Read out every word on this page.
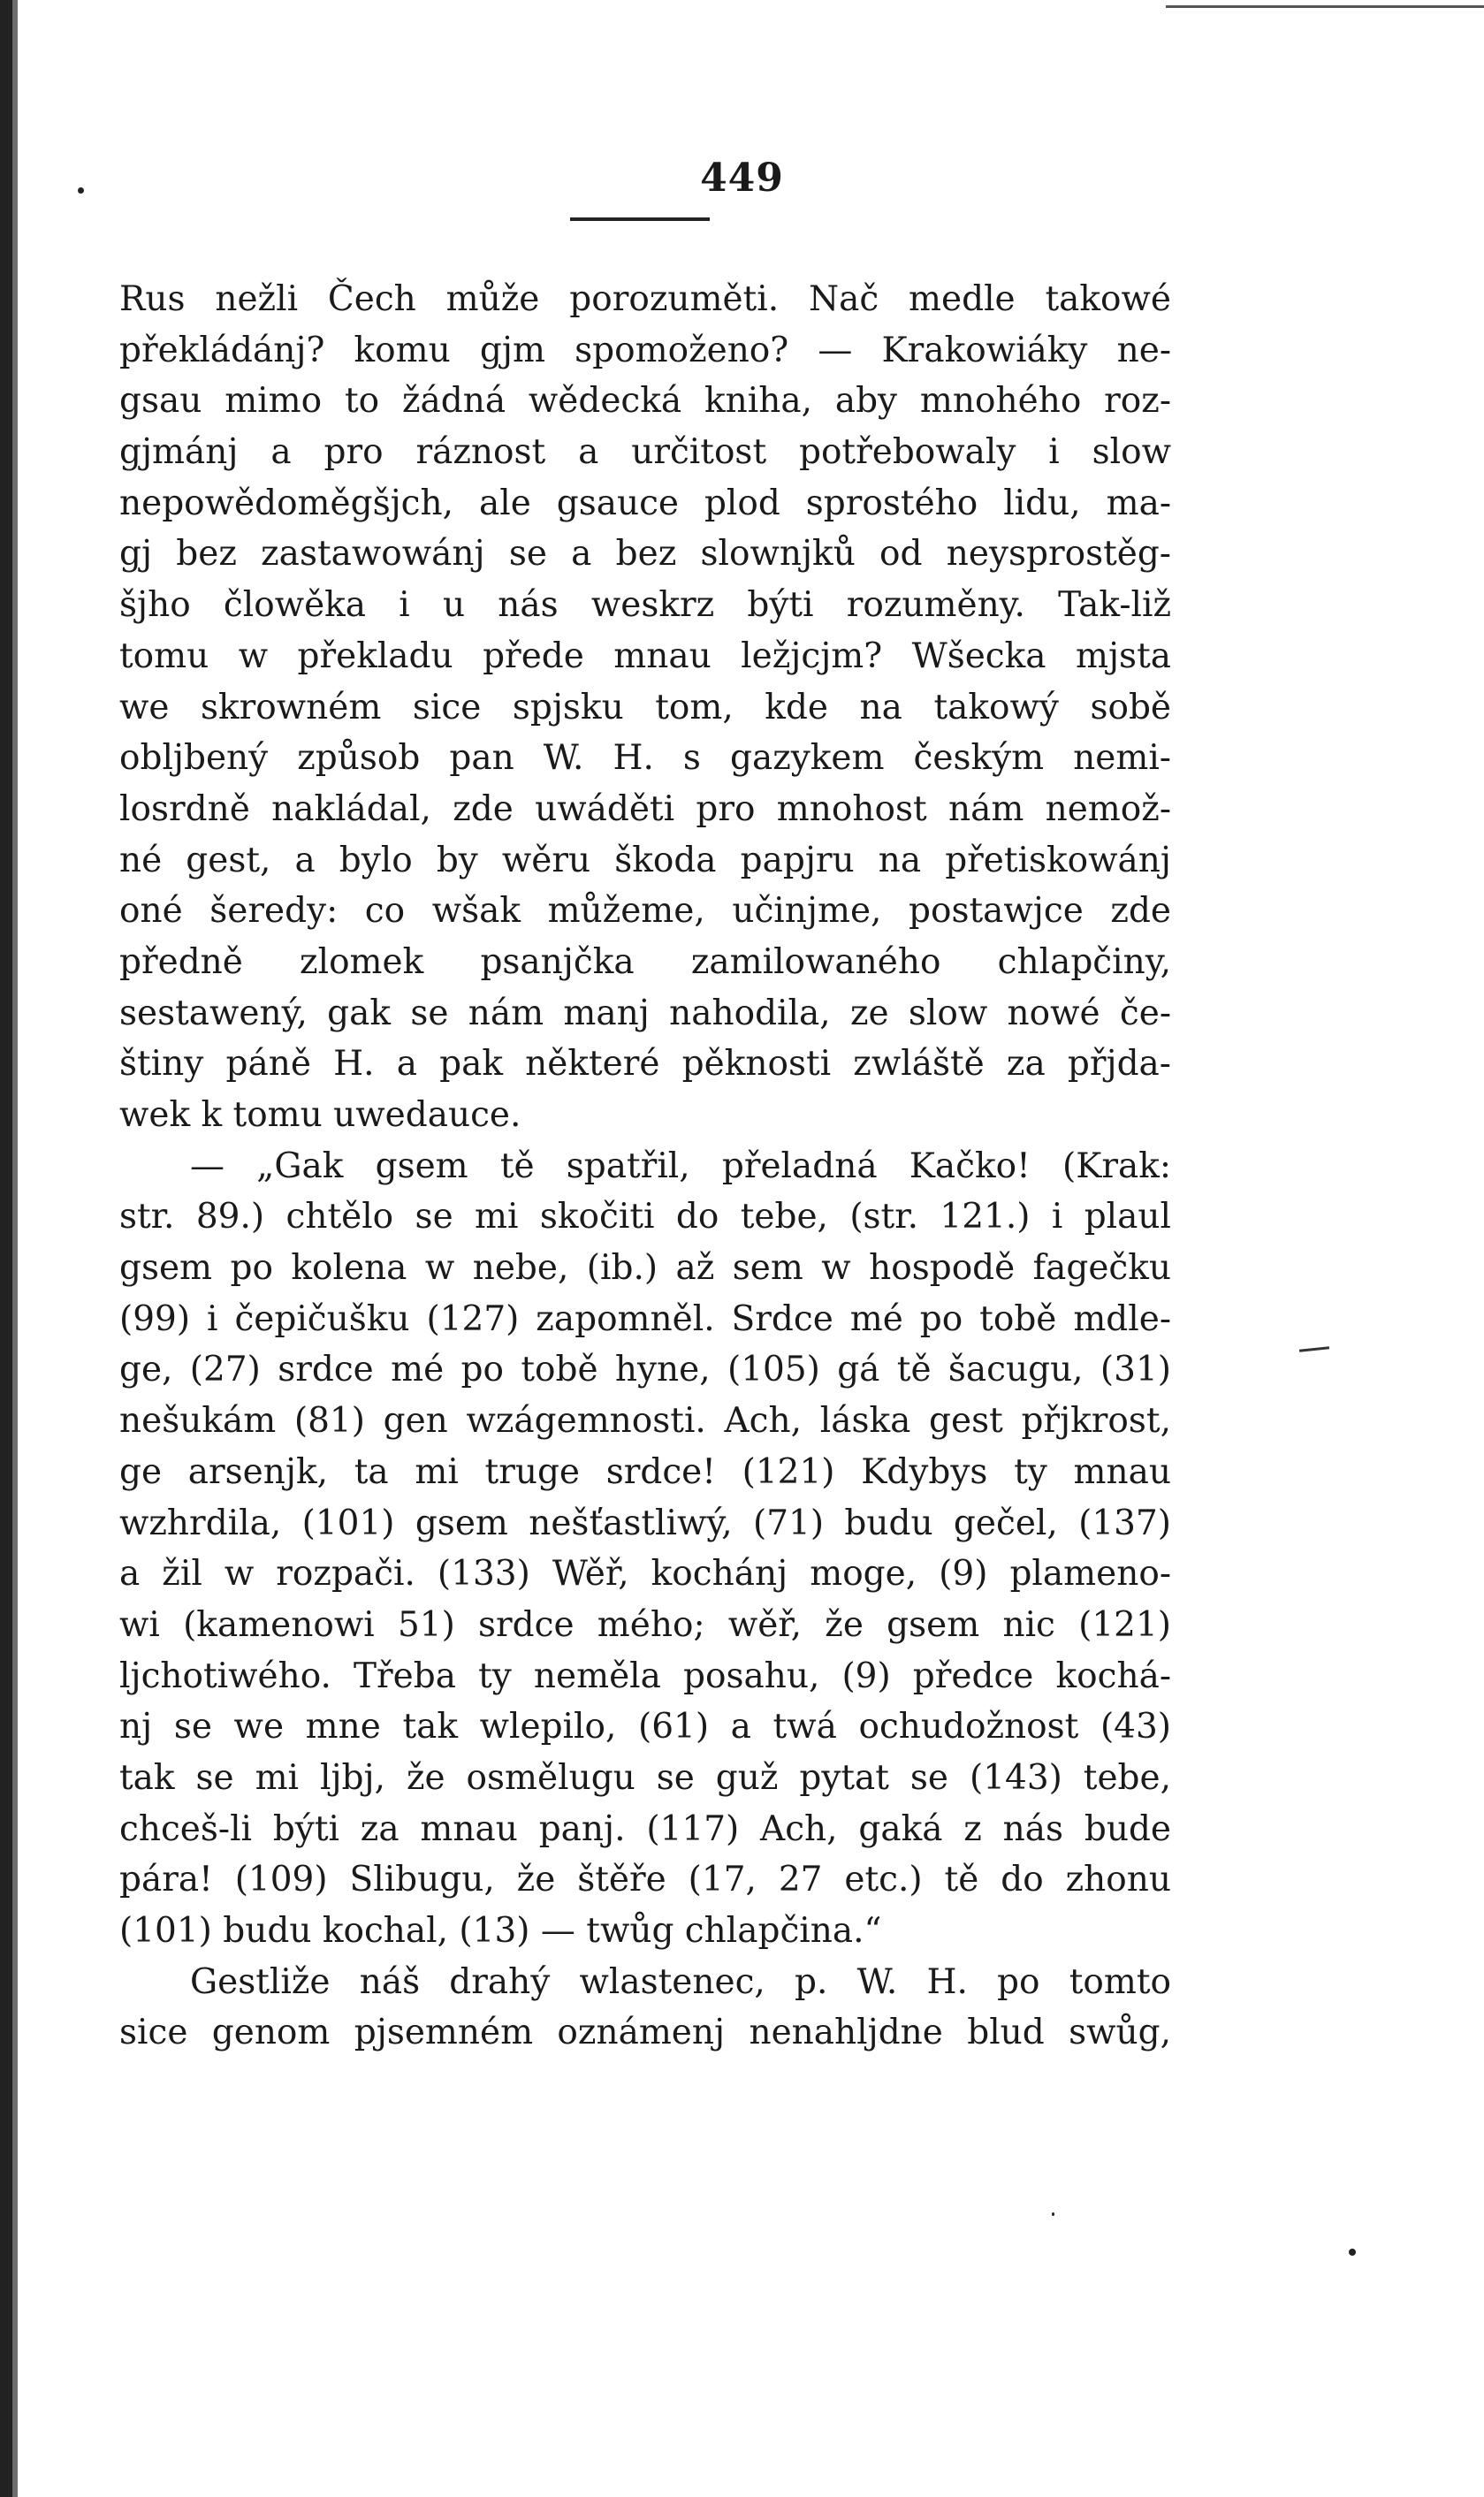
449
Rus nežli Čech může porozuměti. Nač medle takowé
překládánj? komu gjm spomoženo? — Krakowiáky ne-
gsau mimo to žádná wědecká kniha, aby mnohého roz-
gjmánj a pro ráznost a určitost potřebowaly i slow
nepowědoměgšjch, ale gsauce plod sprostého lidu, ma-
gj bez zastawowánj se a bez slownjků od neysprostěg-
šjho člowěka i u nás weskrz býti rozuměny. Tak-liž
tomu w překladu přede mnau ležjcjm? Wšecka mjsta
we skrowném sice spjsku tom, kde na takowý sobě
obljbený způsob pan W. H. s gazykem českým nemi-
losrdně nakládal, zde uwáděti pro mnohost nám nemož-
né gest, a bylo by wěru škoda papjru na přetiskowánj
oné šeredy: co wšak můžeme, učinjme, postawjce zde
předně zlomek psanjčka zamilowaného chlapčiny,
sestawený, gak se nám manj nahodila, ze slow nowé če-
štiny páně H. a pak některé pěknosti zwláště za přjda-
wek k tomu uwedauce.
— „Gak gsem tě spatřil, přeladná Kačko! (Krak:
str. 89.) chtělo se mi skočiti do tebe, (str. 121.) i plaul
gsem po kolena w nebe, (ib.) až sem w hospodě fagečku
(99) i čepičušku (127) zapomněl. Srdce mé po tobě mdle-
ge, (27) srdce mé po tobě hyne, (105) gá tě šacugu, (31)
nešukám (81) gen wzágemnosti. Ach, láska gest přjkrost,
ge arsenjk, ta mi truge srdce! (121) Kdybys ty mnau
wzhrdila, (101) gsem nešťastliwý, (71) budu gečel, (137)
a žil w rozpači. (133) Wěř, kochánj moge, (9) plameno-
wi (kamenowi 51) srdce mého; wěř, že gsem nic (121)
ljchotiwého. Třeba ty neměla posahu, (9) předce kochá-
nj se we mne tak wlepilo, (61) a twá ochudožnost (43)
tak se mi ljbj, že osmělugu se guž pytat se (143) tebe,
chceš-li býti za mnau panj. (117) Ach, gaká z nás bude
pára! (109) Slibugu, že štěře (17, 27 etc.) tě do zhonu
(101) budu kochal, (13) — twůg chlapčina.“
Gestliže náš drahý wlastenec, p. W. H. po tomto
sice genom pjsemném oznámenj nenahljdne blud swůg,
